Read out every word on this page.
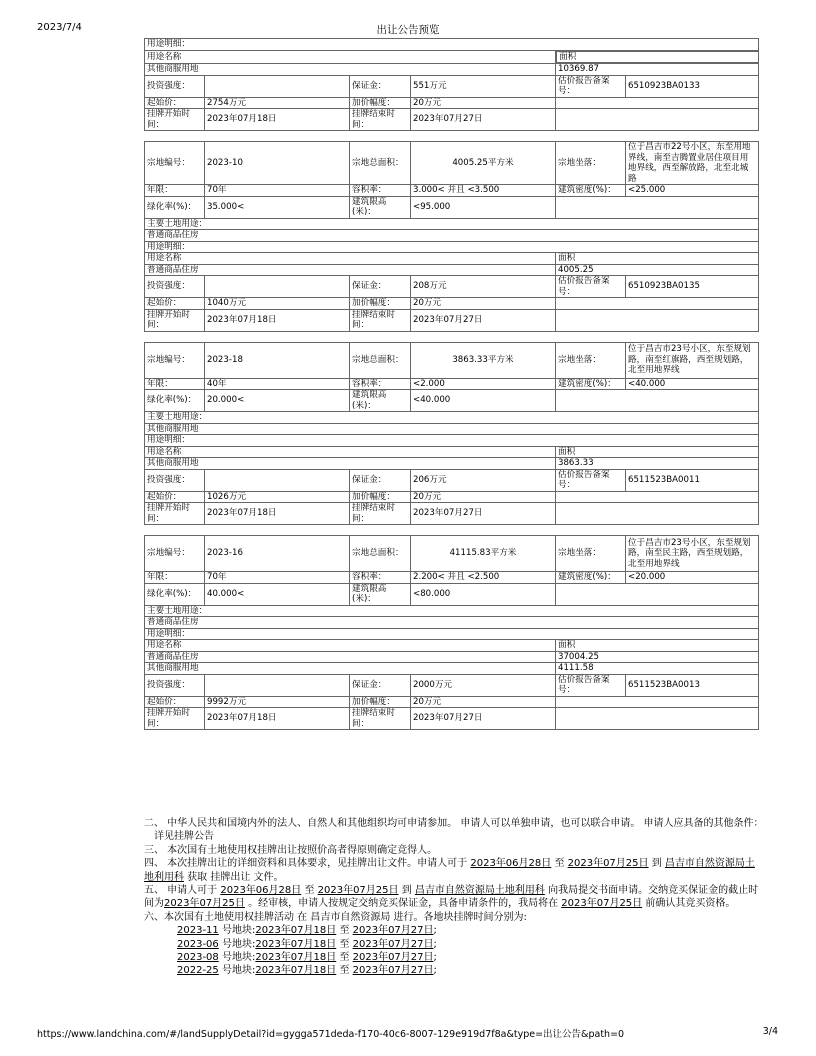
2023/7/4	出让公告预览
用途明细：
用途名称		面积

其他商服用地	10369.87
投资强度：		保证金：	551万元	估价报告备案号：	6510923BA0133
起始价：	2754万元	加价幅度：	20万元	
挂牌开始时间：	2023年07月18日	挂牌结束时间：	2023年07月27日	
宗地编号：	2023-10	宗地总面积：	4005.25平方米	宗地坐落：	位于昌吉市22号小区，东至用地界线，南至吉腾置业居住项目用地界线，西至解放路，北至北城路
年限：	70年	容积率：	3.000< 并且 <3.500	建筑密度(%)：	<25.000
绿化率(%)：	35.000<	建筑限高(米)：	<95.000		
主要土地用途：					
普通商品住房					
用途明细：					
用途名称				面积	
普通商品住房				4005.25	
投资强度：		保证金：	208万元	估价报告备案号：	6510923BA0135
起始价：	1040万元	加价幅度：	20万元		
挂牌开始时间：	2023年07月18日	挂牌结束时间：	2023年07月27日		
宗地编号：	2023-18	宗地总面积：	3863.33平方米	宗地坐落：	位于昌吉市23号小区，东至规划路，南至红旗路，西至规划路，北至用地界线
年限：	40年	容积率：	<2.000	建筑密度(%)：	<40.000
绿化率(%)：	20.000<	建筑限高(米)：	<40.000		
主要土地用途：					
其他商服用地					
用途明细：					
用途名称				面积	
其他商服用地				3863.33	
投资强度：		保证金：	206万元	估价报告备案号：	6511523BA0011
起始价：	1026万元	加价幅度：	20万元		
挂牌开始时间：	2023年07月18日	挂牌结束时间：	2023年07月27日		
宗地编号：	2023-16	宗地总面积：	41115.83平方米	宗地坐落：	位于昌吉市23号小区，东至规划路，南至民主路，西至规划路，北至用地界线
年限：	70年	容积率：	2.200< 并且 <2.500	建筑密度(%)：	<20.000
绿化率(%)：	40.000<	建筑限高(米)：	<80.000		
主要土地用途：					
普通商品住房					
用途明细：					
用途名称				面积	
普通商品住房				37004.25	
其他商服用地				4111.58	
投资强度：		保证金：	2000万元	估价报告备案号：	6511523BA0013
起始价：	9992万元	加价幅度：	20万元		
挂牌开始时间：	2023年07月18日	挂牌结束时间：	2023年07月27日		

二、 中华人民共和国境内外的法人、自然人和其他组织均可申请参加。 申请人可以单独申请，也可以联合申请。 申请人应具备的其他条件：

详见挂牌公告

三、 本次国有土地使用权挂牌出让按照价高者得原则确定竞得人。

四、 本次挂牌出让的详细资料和具体要求，见挂牌出让文件。申请人可于 2023年06月28日 至 2023年07月25日 到 昌吉市自然资源局土地利用科 获取 挂牌出让 文件。

五、 申请人可于 2023年06月28日 至 2023年07月25日 到 昌吉市自然资源局土地利用科 向我局提交书面申请。交纳竞买保证金的截止时间为2023年07月25日 。经审核，申请人按规定交纳竞买保证金，具备申请条件的，我局将在 2023年07月25日 前确认其竞买资格。

六、本次国有土地使用权挂牌活动 在 昌吉市自然资源局 进行。各地块挂牌时间分别为:

2023-11 号地块:2023年07月18日 至 2023年07月27日;

2023-06 号地块:2023年07月18日 至 2023年07月27日;

2023-08 号地块:2023年07月18日 至 2023年07月27日;

2022-25 号地块:2023年07月18日 至 2023年07月27日;

https://www.landchina.com/#/landSupplyDetail?id=gygga571deda-f170-40c6-8007-129e919d7f8a&type=出让公告&path=0	3/4
